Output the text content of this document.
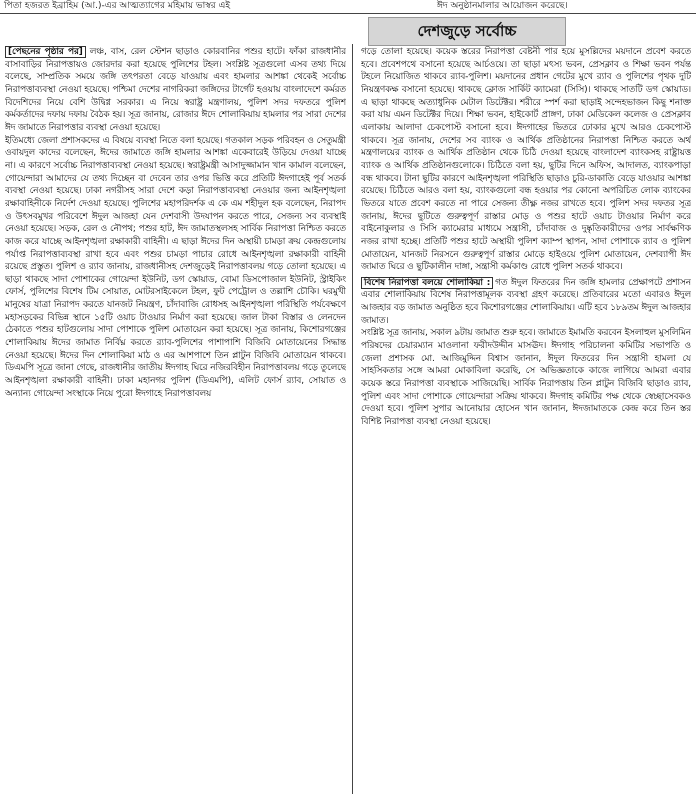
পিতা হজরত ইব্রাহিম (আ.)-এর আত্মত্যাগের মহিমায় ভাস্বর এই	ঈদ অনুষ্ঠানমালার আয়োজন করেছে।
দেশজুড়ে সর্বোচ্চ

[পেছনের পৃষ্ঠার পর] লঞ্চ, বাস, রেল স্টেশন ছাড়াও কোরবানির পশুর হাটে। ফাঁকা রাজধানীর বাসাবাড়ির নিরাপত্তায়ও জোরদার করা হয়েছে পুলিশের টহল। সংশ্লিষ্ট সূত্রগুলো এসব তথ্য দিয়ে বলেছে, সাম্প্রতিক সময়ে জঙ্গি তৎপরতা বেড়ে যাওয়ায় এবং হামলার আশঙ্কা থেকেই সর্বোচ্চ নিরাপত্তাব্যবস্থা নেওয়া হয়েছে। পশ্চিমা দেশের নাগরিকরা জঙ্গিদের টার্গেট হওয়ায় বাংলাদেশে কর্মরত বিদেশিদের নিয়ে বেশি উদ্বিগ্ন সরকার। এ নিয়ে স্বরাষ্ট্র মন্ত্রণালয়, পুলিশ সদর দফতরে পুলিশ কর্মকর্তাদের দফায় দফায় বৈঠক হয়। সূত্র জানায়, রোজার ঈদে শোলাকিয়ায় হামলার পর সারা দেশের ঈদ জামাতে নিরাপত্তার ব্যবস্থা নেওয়া হয়েছে।

ইতিমধ্যে জেলা প্রশাসকদের এ বিষয়ে ব্যবস্থা নিতে বলা হয়েছে। গতকাল সড়ক পরিবহন ও সেতুমন্ত্রী ওবায়দুল কাদের বলেছেন, ঈদের জামাতে জঙ্গি হামলার আশঙ্কা একেবারেই উড়িয়ে দেওয়া যাচ্ছে না। এ কারণে সর্বোচ্চ নিরাপত্তাব্যবস্থা নেওয়া হয়েছে। স্বরাষ্ট্রমন্ত্রী আসাদুজ্জামান খান কামাল বলেছেন, গোয়েন্দারা আমাদের যে তথ্য দিচ্ছেন বা দেবেন তার ওপর ভিত্তি করে প্রতিটি ঈদগাহেই পূর্ব সতর্ক ব্যবস্থা নেওয়া হয়েছে। ঢাকা নগরীসহ সারা দেশে কড়া নিরাপত্তাব্যবস্থা নেওয়ার জন্য আইনশৃঙ্খলা রক্ষাবাহিনীকে নির্দেশ দেওয়া হয়েছে। পুলিশের মহাপরিদর্শক এ কে এম শহীদুল হক বলেছেন, নিরাপদ ও উৎসবমুখর পরিবেশে ঈদুল আজহা যেন দেশবাসী উদযাপন করতে পারে, সেজন্য সব ব্যবস্থাই নেওয়া হয়েছে। সড়ক, রেল ও নৌপথ; পশুর হাট, ঈদ জামাতস্থলসহ সার্বিক নিরাপত্তা নিশ্চিত করতে কাজ করে যাচ্ছে আইনশৃঙ্খলা রক্ষাকারী বাহিনী। এ ছাড়া ঈদের দিন অস্থায়ী চামড়া ক্রয় কেন্দ্রগুলোয় পর্যাপ্ত নিরাপত্তাব্যবস্থা রাখা হবে এবং পশুর চামড়া পাচার রোধে আইনশৃঙ্খলা রক্ষাকারী বাহিনী রয়েছে প্রস্তুত। পুলিশ ও র‍্যাব জানায়, রাজধানীসহ দেশজুড়েই নিরাপত্তাবলয় গড়ে তোলা হয়েছে। এ ছাড়া থাকছে সাদা পোশাকের গোয়েন্দা ইউনিট, ডগ স্কোয়াড, বোমা ডিসপোজাল ইউনিট, স্ট্রাইকিং ফোর্স, পুলিশের বিশেষ টিম সোয়াত, মোটরসাইকেলে টহল, ফুট পেট্রোল ও তল্লাশি চৌকি। ঘরমুখী মানুষের যাত্রা নিরাপদ করতে যানজট নিয়ন্ত্রণ, চাঁদাবাজি রোধসহ আইনশৃঙ্খলা পরিস্থিতি পর্যবেক্ষণে মহাসড়কের বিভিন্ন স্থানে ১৫টি ওয়াচ টাওয়ার নির্মাণ করা হয়েছে। জাল টাকা বিস্তার ও লেনদেন ঠেকাতে পশুর হাটগুলোয় সাদা পোশাকে পুলিশ মোতায়েন করা হয়েছে। সূত্র জানায়, কিশোরগঞ্জের শোলাকিয়ায় ঈদের জামাত নির্বিঘ্ন করতে র‍্যাব-পুলিশের পাশাপাশি বিজিবি মোতায়েনের সিদ্ধান্ত নেওয়া হয়েছে। ঈদের দিন শোলাকিয়া মাঠ ও এর আশপাশে তিন প্লাটুন বিজিবি মোতায়েন থাকবে। ডিএমপি সূত্রে জানা গেছে, রাজধানীর জাতীয় ঈদগাহ ঘিরে নজিরবিহীন নিরাপত্তাবলয় গড়ে তুলেছে আইনশৃঙ্খলা রক্ষাকারী বাহিনী। ঢাকা মহানগর পুলিশ (ডিএমপি), এলিট ফোর্স র‍্যাব, সোয়াত ও অন্যান্য গোয়েন্দা সংস্থাকে নিয়ে পুরো ঈদগাহে নিরাপত্তাবলয়

গড়ে তোলা হয়েছে। কয়েক স্তরের নিরাপত্তা বেষ্টনী পার হয়ে মুসল্লিদের ময়দানে প্রবেশ করতে হবে। প্রবেশপথে বসানো হয়েছে আর্চওয়ে। তা ছাড়া মৎস্য ভবন, প্রেসক্লাব ও শিক্ষা ভবন পর্যন্ত টহলে নিয়োজিত থাকবে র‍্যাব-পুলিশ। ময়দানের প্রধান গেটের মুখে র‍্যাব ও পুলিশের পৃথক দুটি নিয়ন্ত্রণকক্ষ বসানো হয়েছে। থাকছে ক্লোজ সার্কিট ক্যামেরা (সিসি)। থাকছে সাতটি ডগ স্কোয়াড। এ ছাড়া থাকছে অত্যাধুনিক মেটাল ডিটেক্টর। শরীরে স্পর্শ করা ছাড়াই সন্দেহভাজন কিছু শনাক্ত করা যায় এমন ডিটেক্টর দিয়ে। শিক্ষা ভবন, হাইকোর্ট প্রাঙ্গণ, ঢাকা মেডিকেল কলেজ ও প্রেসক্লাব এলাকায় আলাদা চেকপোস্ট বসানো হবে। ঈদগাহের ভিতরে ঢোকার মুখে আরও চেকপোস্ট থাকবে। সূত্র জানায়, দেশের সব ব্যাংক ও আর্থিক প্রতিষ্ঠানের নিরাপত্তা নিশ্চিত করতে অর্থ মন্ত্রণালয়ের ব্যাংক ও আর্থিক প্রতিষ্ঠান থেকে চিঠি দেওয়া হয়েছে বাংলাদেশ ব্যাংকসহ রাষ্ট্রায়ত্ত ব্যাংক ও আর্থিক প্রতিষ্ঠানগুলোকে। চিঠিতে বলা হয়, ছুটির দিনে অফিস, আদালত, ব্যাংকপাড়া বন্ধ থাকবে। টানা ছুটির কারণে আইনশৃঙ্খলা পরিস্থিতি ছাড়াও চুরি-ডাকাতি বেড়ে যাওয়ার আশঙ্কা রয়েছে। চিঠিতে আরও বলা হয়, ব্যাংকগুলো বন্ধ হওয়ার পর কোনো অপরিচিত লোক ব্যাংকের ভিতরে যাতে প্রবেশ করতে না পারে সেজন্য তীক্ষ্ণ নজর রাখতে হবে। পুলিশ সদর দফতর সূত্র জানায়, ঈদের ছুটিতে গুরুত্বপূর্ণ রাস্তার মোড় ও পশুর হাটে ওয়াচ টাওয়ার নির্মাণ করে বাইনোকুলার ও সিসি ক্যামেরার মাধ্যমে সন্ত্রাসী, চাঁদাবাজ ও দুষ্কৃতিকারীদের ওপর সার্বক্ষণিক নজর রাখা হচ্ছে। প্রতিটি পশুর হাটে অস্থায়ী পুলিশ ক্যাম্প স্থাপন, সাদা পোশাকে র‍্যাব ও পুলিশ মোতায়েন, যানজট নিরসনে গুরুত্বপূর্ণ রাস্তার মোড়ে হাইওয়ে পুলিশ মোতায়েন, দেশব্যাপী ঈদ জামাত ঘিরে ও ছুটিকালীন দাঙ্গা, সন্ত্রাসী কর্মকাণ্ড রোধে পুলিশ সতর্ক থাকবে।

বিশেষ নিরাপত্তা বলয়ে শোলাকিয়া : গত ঈদুল ফিতরের দিন জঙ্গি হামলার প্রেক্ষাপটে প্রশাসন এবার শোলাকিয়ায় বিশেষ নিরাপত্তামূলক ব্যবস্থা গ্রহণ করেছে। প্রতিবারের মতো এবারও ঈদুল আজহার বড় জামাত অনুষ্ঠিত হবে কিশোরগঞ্জের শোলাকিয়ায়। এটি হবে ১৮৯তম ঈদুল আজহার জামাত।

সংশ্লিষ্ট সূত্র জানায়, সকাল ৯টায় জামাত শুরু হবে। জামাতে ইমামতি করবেন ইসলাহুল মুসলিমিন পরিষদের চেয়ারম্যান মাওলানা ফরীদউদ্দীন মাসঊদ। ঈদগাহ পরিচালনা কমিটির সভাপতি ও জেলা প্রশাসক মো. আজিমুদ্দিন বিশ্বাস জানান, ঈদুল ফিতরের দিন সন্ত্রাসী হামলা যে সাহসিকতার সঙ্গে আমরা মোকাবিলা করেছি, সে অভিজ্ঞতাকে কাজে লাগিয়ে আমরা এবার কয়েক স্তরে নিরাপত্তা ব্যবস্থাকে সাজিয়েছি। সার্বিক নিরাপত্তায় তিন প্লাটুন বিজিবি ছাড়াও র‍্যাব, পুলিশ এবং সাদা পোশাকে গোয়েন্দারা সক্রিয় থাকবে। ঈদগাহ কমিটির পক্ষ থেকে স্বেচ্ছাসেবকও দেওয়া হবে। পুলিশ সুপার আনোয়ার হোসেন খান জানান, ঈদজামাতকে কেন্দ্র করে তিন স্তর বিশিষ্ট নিরাপত্তা ব্যবস্থা নেওয়া হয়েছে।
